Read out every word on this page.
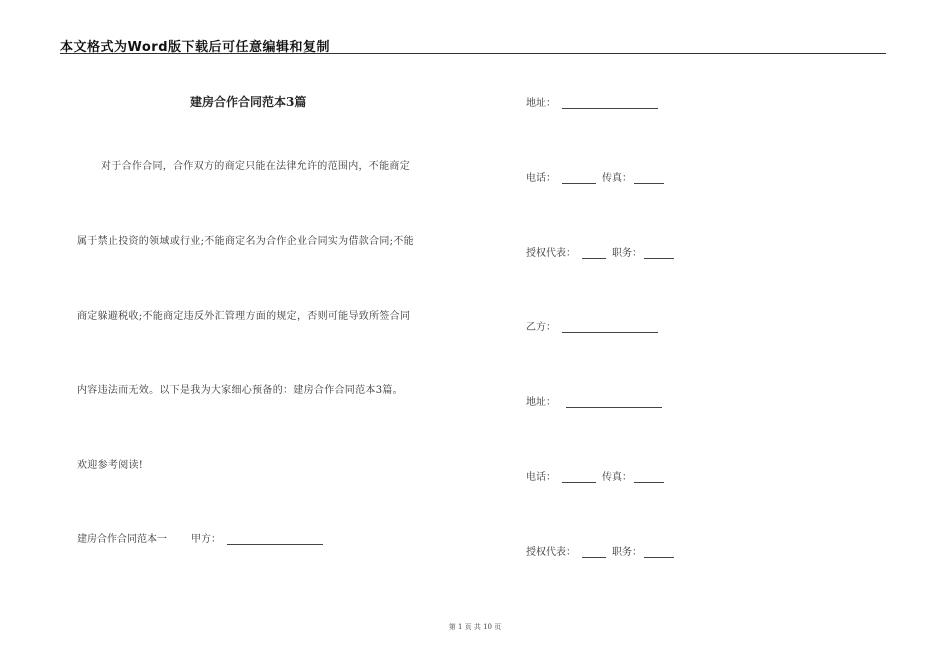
本文格式为Word版下载后可任意编辑和复制
建房合作合同范本3篇
对于合作合同，合作双方的商定只能在法律允许的范围内，不能商定
属于禁止投资的领域或行业;不能商定名为合作企业合同实为借款合同;不能
商定躲避税收;不能商定违反外汇管理方面的规定，否则可能导致所签合同
内容违法而无效。以下是我为大家细心预备的：建房合作合同范本3篇。
欢迎参考阅读!
建房合作合同范本一 甲方：
地址：
电话：	传真：
授权代表：	职务：
乙方：
地址：
电话：	传真：
授权代表：	职务：
第 1 页 共 10 页
